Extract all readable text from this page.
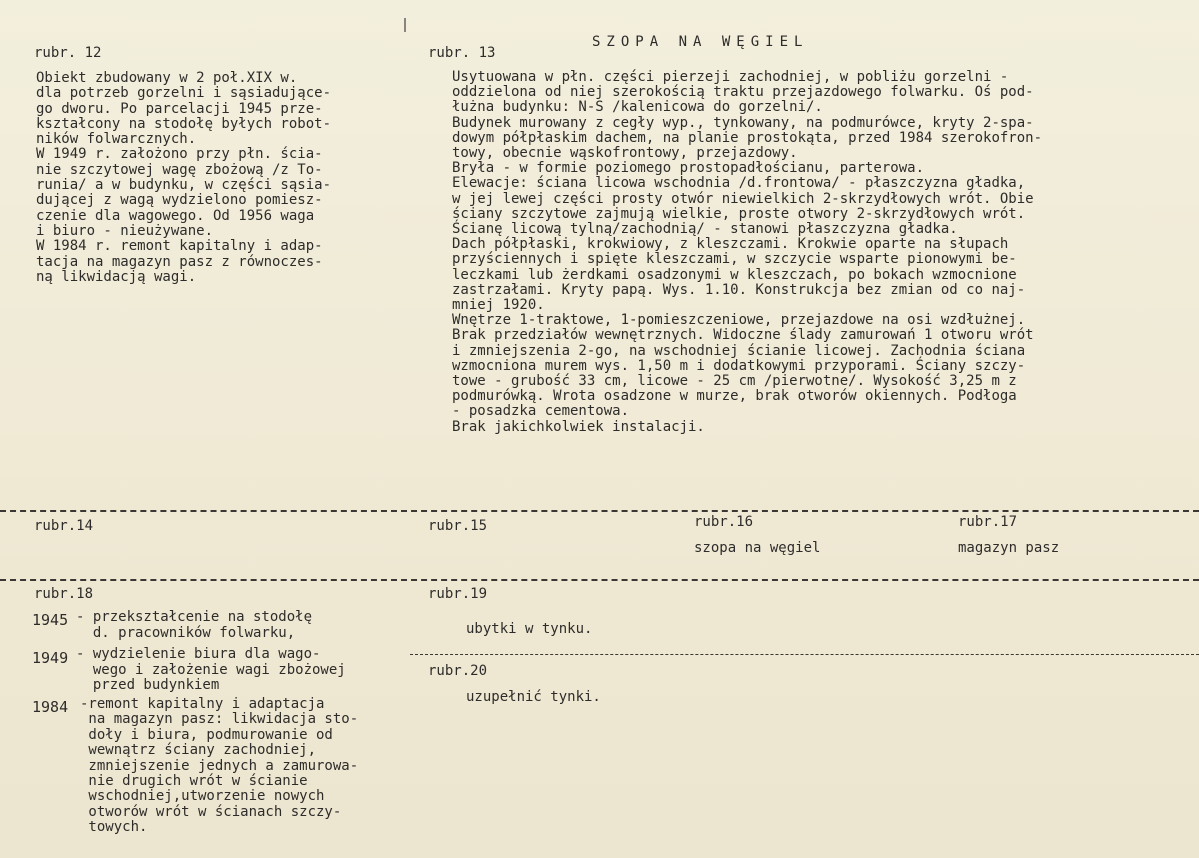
SZOPA NA WĘGIEL
rubr. 12
Obiekt zbudowany w 2 poł.XIX w.
dla potrzeb gorzelni i sąsiadujące-
go dworu. Po parcelacji 1945 prze-
kształcony na stodołę byłych robot-
ników folwarcznych.
W 1949 r. założono przy płn. ścia-
nie szczytowej wagę zbożową /z To-
runia/ a w budynku, w części sąsia-
dującej z wagą wydzielono pomiesz-
czenie dla wagowego. Od 1956 waga
i biuro - nieużywane.
W 1984 r. remont kapitalny i adap-
tacja na magazyn pasz z równoczes-
ną likwidacją wagi.
rubr. 13
Usytuowana w płn. części pierzeji zachodniej, w pobliżu gorzelni -
oddzielona od niej szerokością traktu przejazdowego folwarku. Oś pod-
łużna budynku: N-S /kalenicowa do gorzelni/.
Budynek murowany z cegły wyp., tynkowany, na podmurówce, kryty 2-spa-
dowym półpłaskim dachem, na planie prostokąta, przed 1984 szerokofron-
towy, obecnie wąskofrontowy, przejazdowy.
Bryła - w formie poziomego prostopadłościanu, parterowa.
Elewacje: ściana licowa wschodnia /d.frontowa/ - płaszczyzna gładka,
w jej lewej części prosty otwór niewielkich 2-skrzydłowych wrót. Obie
ściany szczytowe zajmują wielkie, proste otwory 2-skrzydłowych wrót.
Ścianę licową tylną/zachodnią/ - stanowi płaszczyzna gładka.
Dach półpłaski, krokwiowy, z kleszczami. Krokwie oparte na słupach
przyściennych i spięte kleszczami, w szczycie wsparte pionowymi be-
leczkami lub żerdkami osadzonymi w kleszczach, po bokach wzmocnione
zastrzałami. Kryty papą. Wys. 1.10. Konstrukcja bez zmian od co naj-
mniej 1920.
Wnętrze 1-traktowe, 1-pomieszczeniowe, przejazdowe na osi wzdłużnej.
Brak przedziałów wewnętrznych. Widoczne ślady zamurowań 1 otworu wrót
i zmniejszenia 2-go, na wschodniej ścianie licowej. Zachodnia ściana
wzmocniona murem wys. 1,50 m i dodatkowymi przyporami. Ściany szczy-
towe - grubość 33 cm, licowe - 25 cm /pierwotne/. Wysokość 3,25 m z
podmurówką. Wrota osadzone w murze, brak otworów okiennych. Podłoga
- posadzka cementowa.
Brak jakichkolwiek instalacji.
rubr.14	rubr.15	rubr.16
szopa na węgiel
rubr.17
magazyn pasz
rubr.18
1945 - przekształcenie na stodołę
d. pracowników folwarku,
1949 - wydzielenie biura dla wago-
wego i założenie wagi zbożowej
przed budynkiem
1984 -remont kapitalny i adaptacja
na magazyn pasz: likwidacja sto-
doły i biura, podmurowanie od
wewnątrz ściany zachodniej,
zmniejszenie jednych a zamurowa-
nie drugich wrót w ścianie
wschodniej,utworzenie nowych
otworów wrót w ścianach szczy-
towych.
rubr.19
ubytki w tynku.
rubr.20
uzupełnić tynki.
